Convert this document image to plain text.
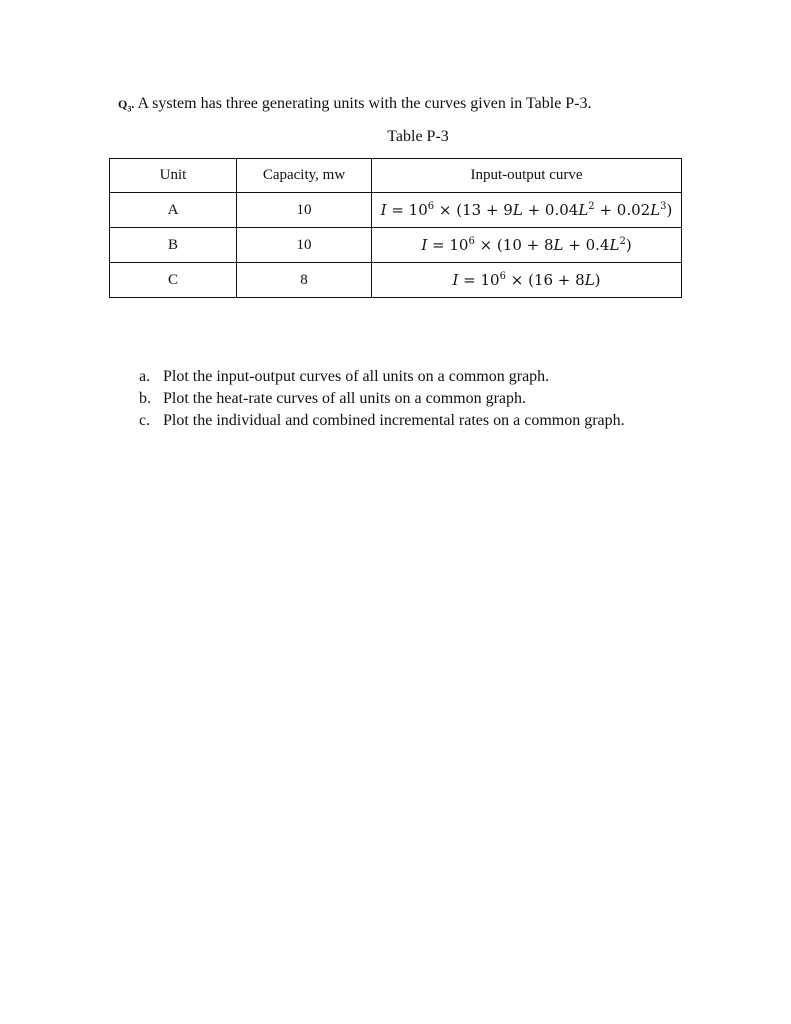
$Q_3$. A system has three generating units with the curves given in Table P-3.
Table P-3
Unit	Capacity, mw	Input-output curve
A	10	$I = 10^6 \times (13 + 9L + 0.04L^2 + 0.02L^3)$
B	10	$I = 10^6 \times (10 + 8L + 0.4L^2)$
C	8	$I = 10^6 \times (16 + 8L)$
a. Plot the input-output curves of all units on a common graph.
b. Plot the heat-rate curves of all units on a common graph.
c. Plot the individual and combined incremental rates on a common graph.
